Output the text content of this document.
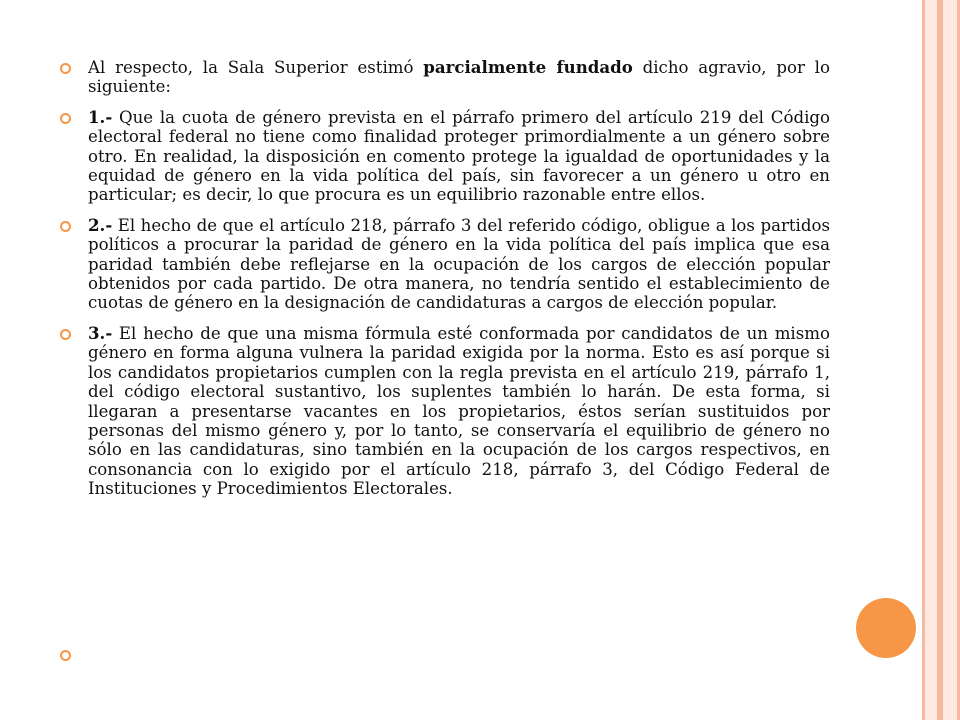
Al respecto, la Sala Superior estimó parcialmente fundado dicho agravio, por lo siguiente:
1.- Que la cuota de género prevista en el párrafo primero del artículo 219 del Código electoral federal no tiene como finalidad proteger primordialmente a un género sobre otro. En realidad, la disposición en comento protege la igualdad de oportunidades y la equidad de género en la vida política del país, sin favorecer a un género u otro en particular; es decir, lo que procura es un equilibrio razonable entre ellos.
2.- El hecho de que el artículo 218, párrafo 3 del referido código, obligue a los partidos políticos a procurar la paridad de género en la vida política del país implica que esa paridad también debe reflejarse en la ocupación de los cargos de elección popular obtenidos por cada partido. De otra manera, no tendría sentido el establecimiento de cuotas de género en la designación de candidaturas a cargos de elección popular.
3.- El hecho de que una misma fórmula esté conformada por candidatos de un mismo género en forma alguna vulnera la paridad exigida por la norma. Esto es así porque si los candidatos propietarios cumplen con la regla prevista en el artículo 219, párrafo 1, del código electoral sustantivo, los suplentes también lo harán. De esta forma, si llegaran a presentarse vacantes en los propietarios, éstos serían sustituidos por personas del mismo género y, por lo tanto, se conservaría el equilibrio de género no sólo en las candidaturas, sino también en la ocupación de los cargos respectivos, en consonancia con lo exigido por el artículo 218, párrafo 3, del Código Federal de Instituciones y Procedimientos Electorales.
